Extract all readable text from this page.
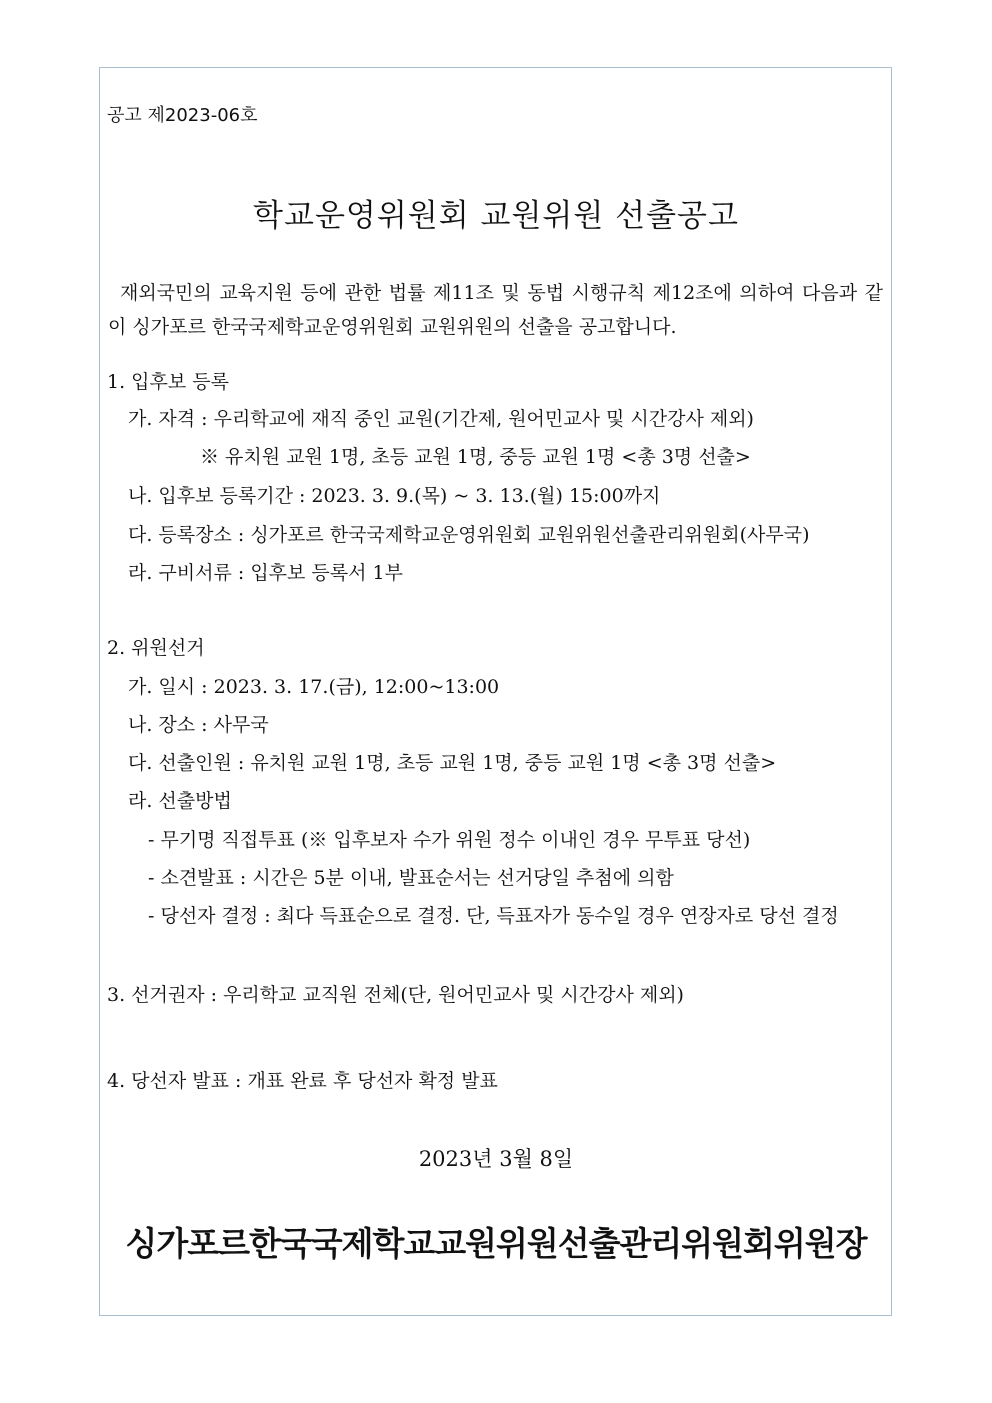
공고 제2023-06호
학교운영위원회 교원위원 선출공고
재외국민의 교육지원 등에 관한 법률 제11조 및 동법 시행규칙 제12조에 의하여 다음과 같이 싱가포르 한국국제학교운영위원회 교원위원의 선출을 공고합니다.
1. 입후보 등록
가. 자격 : 우리학교에 재직 중인 교원(기간제, 원어민교사 및 시간강사 제외)
※ 유치원 교원 1명, 초등 교원 1명, 중등 교원 1명 <총 3명 선출>
나. 입후보 등록기간 : 2023. 3. 9.(목) ~ 3. 13.(월) 15:00까지
다. 등록장소 : 싱가포르 한국국제학교운영위원회 교원위원선출관리위원회(사무국)
라. 구비서류 : 입후보 등록서 1부
2. 위원선거
가. 일시 : 2023. 3. 17.(금), 12:00~13:00
나. 장소 : 사무국
다. 선출인원 : 유치원 교원 1명, 초등 교원 1명, 중등 교원 1명 <총 3명 선출>
라. 선출방법
- 무기명 직접투표 (※ 입후보자 수가 위원 정수 이내인 경우 무투표 당선)
- 소견발표 : 시간은 5분 이내, 발표순서는 선거당일 추첨에 의함
- 당선자 결정 : 최다 득표순으로 결정. 단, 득표자가 동수일 경우 연장자로 당선 결정
3. 선거권자 : 우리학교 교직원 전체(단, 원어민교사 및 시간강사 제외)
4. 당선자 발표 : 개표 완료 후 당선자 확정 발표
2023년 3월 8일
싱가포르한국국제학교교원위원선출관리위원회위원장
